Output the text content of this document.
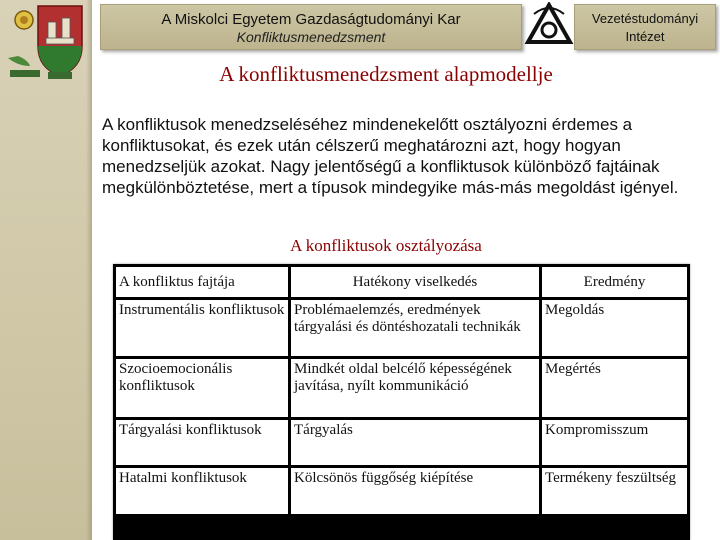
A Miskolci Egyetem Gazdaságtudományi Kar
Konfliktusmenedzsment
Vezetéstudományi
Intézet
A konfliktusmenedzsment alapmodellje
A konfliktusok menedzseléséhez mindenekelőtt osztályozni érdemes a konfliktusokat, és ezek után célszerű meghatározni azt, hogy hogyan menedzseljük azokat. Nagy jelentőségű a konfliktusok különböző fajtáinak megkülönböztetése, mert a típusok mindegyike más-más megoldást igényel.
A konfliktusok osztályozása
A konfliktus fajtája	Hatékony viselkedés	Eredmény
Instrumentális konfliktusok	Problémaelemzés, eredmények tárgyalási és döntéshozatali technikák	Megoldás
Szocioemocionális konfliktusok	Mindkét oldal belcélő képességének javítása, nyílt kommunikáció	Megértés
Tárgyalási konfliktusok	Tárgyalás	Kompromisszum
Hatalmi konfliktusok	Kölcsönös függőség kiépítése	Termékeny feszültség
